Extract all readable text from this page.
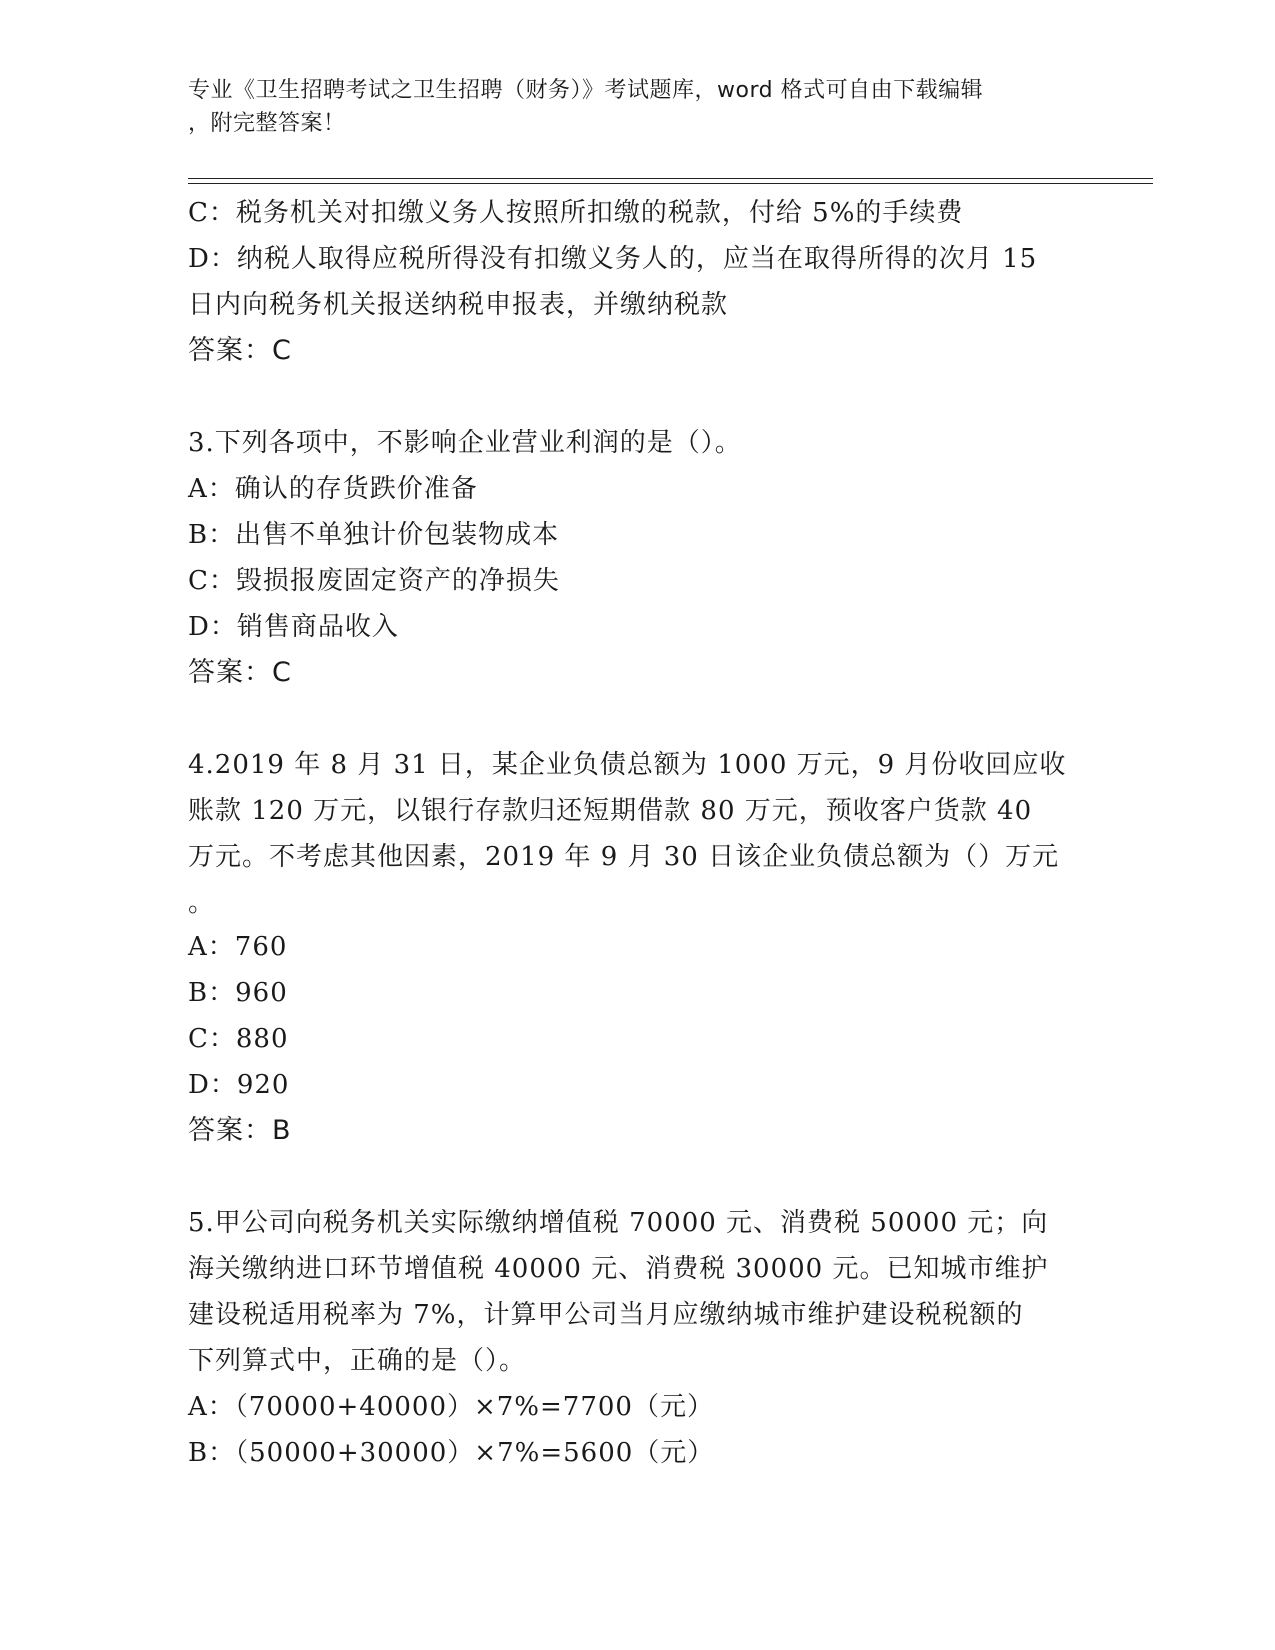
专业《卫生招聘考试之卫生招聘（财务）》考试题库，word 格式可自由下载编辑
，附完整答案！
C：税务机关对扣缴义务人按照所扣缴的税款，付给 5%的手续费
D：纳税人取得应税所得没有扣缴义务人的，应当在取得所得的次月 15
日内向税务机关报送纳税申报表，并缴纳税款
答案：C
3.下列各项中，不影响企业营业利润的是（）。
A：确认的存货跌价准备
B：出售不单独计价包装物成本
C：毁损报废固定资产的净损失
D：销售商品收入
答案：C
4.2019 年 8 月 31 日，某企业负债总额为 1000 万元，9 月份收回应收
账款 120 万元，以银行存款归还短期借款 80 万元，预收客户货款 40
万元。不考虑其他因素，2019 年 9 月 30 日该企业负债总额为（）万元
。
A：760
B：960
C：880
D：920
答案：B
5.甲公司向税务机关实际缴纳增值税 70000 元、消费税 50000 元；向
海关缴纳进口环节增值税 40000 元、消费税 30000 元。已知城市维护
建设税适用税率为 7%，计算甲公司当月应缴纳城市维护建设税税额的
下列算式中，正确的是（）。
A：（70000+40000）×7%=7700（元）
B：（50000+30000）×7%=5600（元）
